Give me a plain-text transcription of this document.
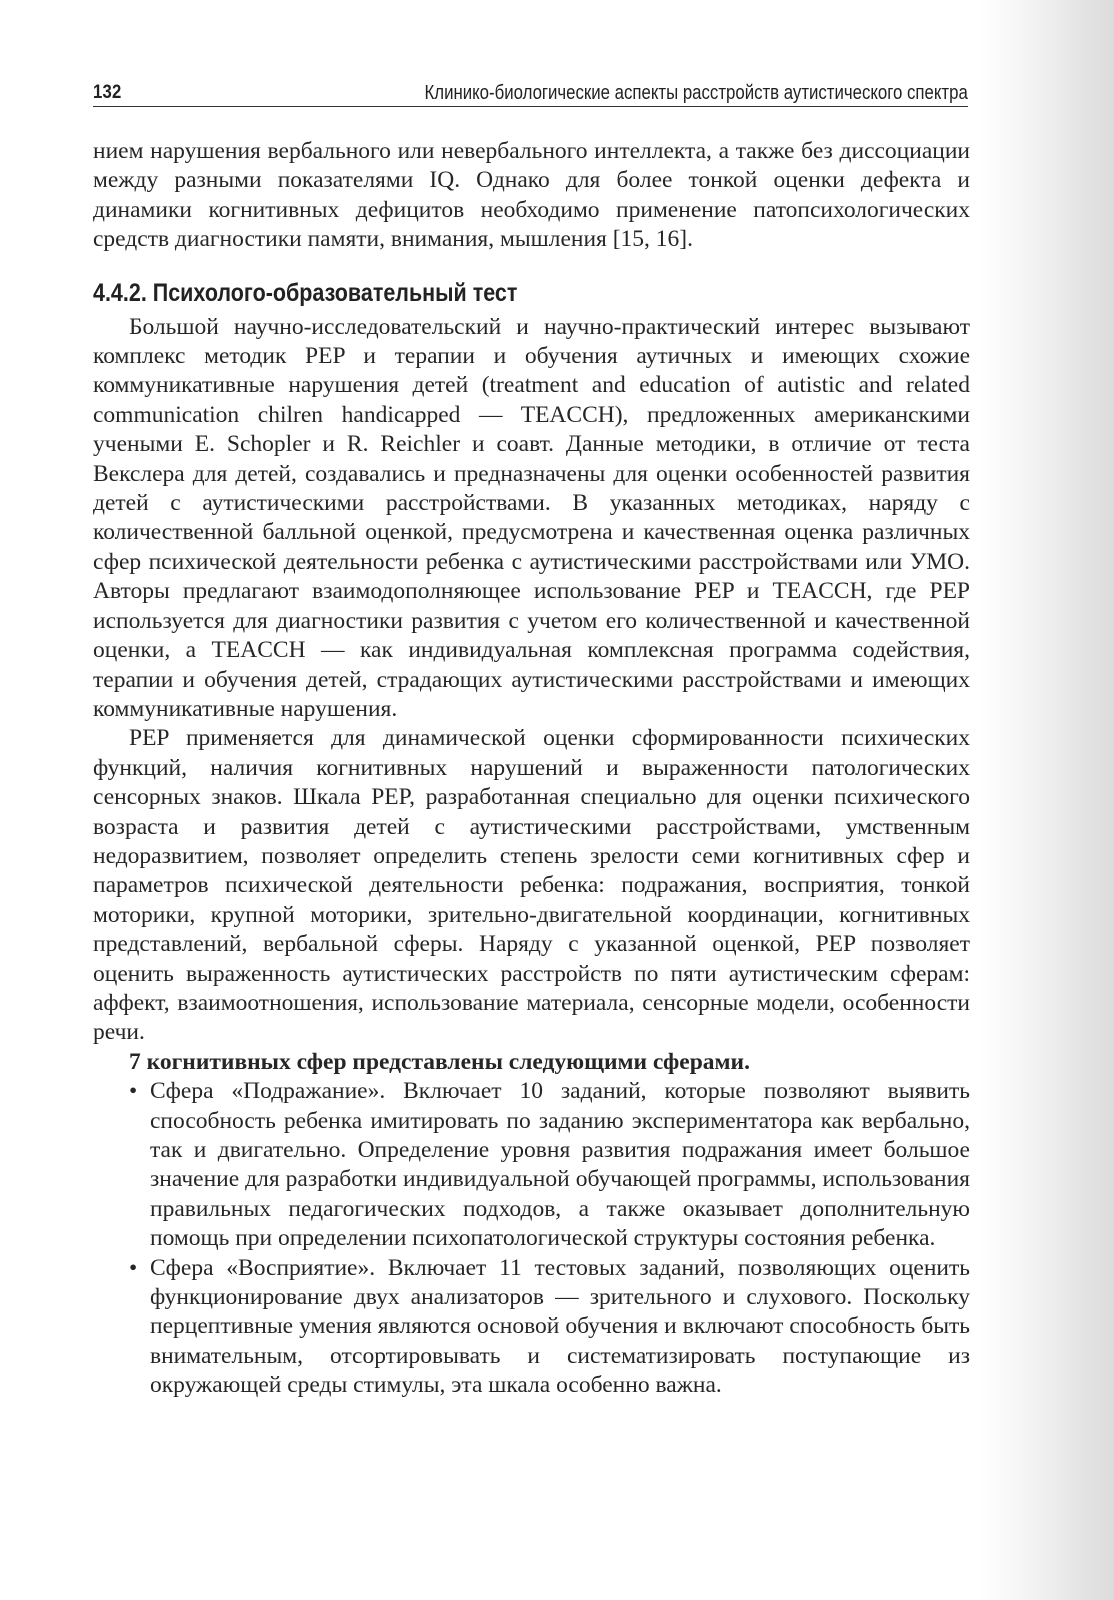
132	Клинико-биологические аспекты расстройств аутистического спектра

нием нарушения вербального или невербального интеллекта, а также без диссоциации между разными показателями IQ. Однако для более тонкой оценки дефекта и динамики когнитивных дефицитов необходимо применение патопсихологических средств диагностики памяти, внимания, мышления [15, 16].

4.4.2. Психолого-образовательный тест

Большой научно-исследовательский и научно-практический интерес вызывают комплекс методик PEP и терапии и обучения аутичных и имеющих схожие коммуникативные нарушения детей (treatment and education of autistic and related communication chilren handicapped — TEACCH), предложенных американскими учеными E. Schopler и R. Reichler и соавт. Данные методики, в отличие от теста Векслера для детей, создавались и предназначены для оценки особенностей развития детей с аутистическими расстройствами. В указанных методиках, наряду с количественной балльной оценкой, предусмотрена и качественная оценка различных сфер психической деятельности ребенка с аутистическими расстройствами или УМО. Авторы предлагают взаимодополняющее использование PEP и TEACCH, где PEP используется для диагностики развития с учетом его количественной и качественной оценки, а TEACCH — как индивидуальная комплексная программа содействия, терапии и обучения детей, страдающих аутистическими расстройствами и имеющих коммуникативные нарушения.

PEP применяется для динамической оценки сформированности психических функций, наличия когнитивных нарушений и выраженности патологических сенсорных знаков. Шкала PEP, разработанная специально для оценки психического возраста и развития детей с аутистическими расстройствами, умственным недоразвитием, позволяет определить степень зрелости семи когнитивных сфер и параметров психической деятельности ребенка: подражания, восприятия, тонкой моторики, крупной моторики, зрительно-двигательной координации, когнитивных представлений, вербальной сферы. Наряду с указанной оценкой, PEP позволяет оценить выраженность аутистических расстройств по пяти аутистическим сферам: аффект, взаимоотношения, использование материала, сенсорные модели, особенности речи.

7 когнитивных сфер представлены следующими сферами.

• Сфера «Подражание». Включает 10 заданий, которые позволяют выявить способность ребенка имитировать по заданию экспериментатора как вербально, так и двигательно. Определение уровня развития подражания имеет большое значение для разработки индивидуальной обучающей программы, использования правильных педагогических подходов, а также оказывает дополнительную помощь при определении психопатологической структуры состояния ребенка.
• Сфера «Восприятие». Включает 11 тестовых заданий, позволяющих оценить функционирование двух анализаторов — зрительного и слухового. Поскольку перцептивные умения являются основой обучения и включают способность быть внимательным, отсортировывать и систематизировать поступающие из окружающей среды стимулы, эта шкала особенно важна.
